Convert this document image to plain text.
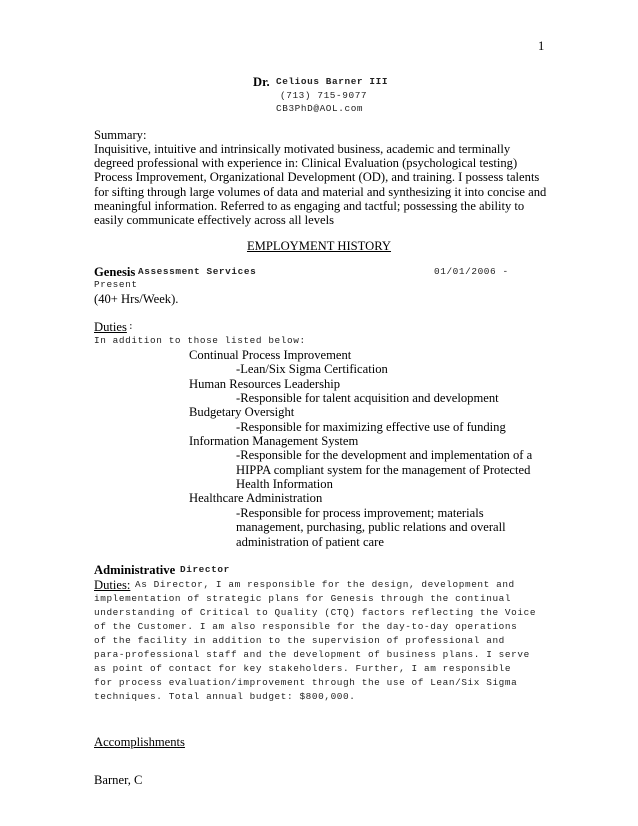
1
Dr. Celious Barner III
(713) 715-9077
CB3PhD@AOL.com
Summary:
Inquisitive, intuitive and intrinsically motivated business, academic and terminally
degreed professional with experience in: Clinical Evaluation (psychological testing)
Process Improvement, Organizational Development (OD), and training. I possess talents
for sifting through large volumes of data and material and synthesizing it into concise and
meaningful information. Referred to as engaging and tactful; possessing the ability to
easily communicate effectively across all levels
EMPLOYMENT HISTORY
Genesis Assessment Services	01/01/2006 -
Present
(40+ Hrs/Week).
Duties :
In addition to those listed below:
Continual Process Improvement
-Lean/Six Sigma Certification
Human Resources Leadership
-Responsible for talent acquisition and development
Budgetary Oversight
-Responsible for maximizing effective use of funding
Information Management System
-Responsible for the development and implementation of a
HIPPA compliant system for the management of Protected
Health Information
Healthcare Administration
-Responsible for process improvement; materials
management, purchasing, public relations and overall
administration of patient care
Administrative Director
Duties: As Director, I am responsible for the design, development and
implementation of strategic plans for Genesis through the continual
understanding of Critical to Quality (CTQ) factors reflecting the Voice
of the Customer. I am also responsible for the day-to-day operations
of the facility in addition to the supervision of professional and
para-professional staff and the development of business plans. I serve
as point of contact for key stakeholders. Further, I am responsible
for process evaluation/improvement through the use of Lean/Six Sigma
techniques. Total annual budget: $800,000.
Accomplishments
Barner, C
